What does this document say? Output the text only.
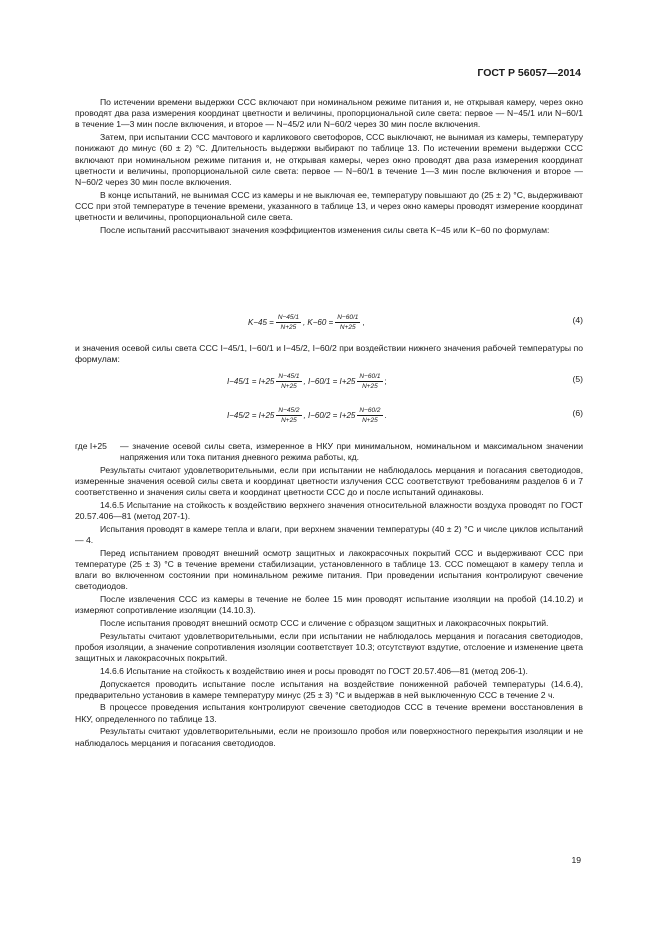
ГОСТ Р 56057—2014

По истечении времени выдержки ССС включают при номинальном режиме питания и, не открывая камеру, через окно проводят два раза измерения координат цветности и величины, пропорциональной силе света: первое — N−45/1 или N−60/1 в течение 1—3 мин после включения, и второе — N−45/2 или N−60/2 через 30 мин после включения.

Затем, при испытании ССС мачтового и карликового светофоров, ССС выключают, не вынимая из камеры, температуру понижают до минус (60 ± 2) °С. Длительность выдержки выбирают по таблице 13. По истечении времени выдержки ССС включают при номинальном режиме питания и, не открывая камеры, через окно проводят два раза измерения координат цветности и величины, пропорциональной силе света: первое — N−60/1 в течение 1—3 мин после включения и второе — N−60/2 через 30 мин после включения.

В конце испытаний, не вынимая ССС из камеры и не выключая ее, температуру повышают до (25 ± 2) °С, выдерживают ССС при этой температуре в течение времени, указанного в таблице 13, и через окно камеры проводят измерение координат цветности и величины, пропорциональной силе света.

После испытаний рассчитывают значения коэффициентов изменения силы света K−45 или K−60 по формулам:

$K-45 = \frac{N-45/1}{N+25}$ , $K-60 = \frac{N-60/1}{N+25}$ ,	(4)

и значения осевой силы света ССС I−45/1, I−60/1 и I−45/2, I−60/2 при воздействии нижнего значения рабочей температуры по формулам:

$I-45/1 = I+25 \frac{N-45/1}{N+25}$ , $I-60/1 = I+25 \frac{N-60/1}{N+25}$ ;	(5)
$I-45/2 = I+25 \frac{N-45/2}{N+25}$ , $I-60/2 = I+25 \frac{N-60/2}{N+25}$ .	(6)

где I+25 — значение осевой силы света, измеренное в НКУ при минимальном, номинальном и максимальном значении напряжения или тока питания дневного режима работы, кд.

Результаты считают удовлетворительными, если при испытании не наблюдалось мерцания и погасания светодиодов, измеренные значения осевой силы света и координат цветности излучения ССС соответствуют требованиям разделов 6 и 7 соответственно и значения силы света и координат цветности ССС до и после испытаний одинаковы.

14.6.5 Испытание на стойкость к воздействию верхнего значения относительной влажности воздуха проводят по ГОСТ 20.57.406—81 (метод 207-1).

Испытания проводят в камере тепла и влаги, при верхнем значении температуры (40 ± 2) °С и числе циклов испытаний — 4.

Перед испытанием проводят внешний осмотр защитных и лакокрасочных покрытий ССС и выдерживают ССС при температуре (25 ± 3) °С в течение времени стабилизации, установленного в таблице 13. ССС помещают в камеру тепла и влаги во включенном состоянии при номинальном режиме питания. При проведении испытания контролируют свечение светодиодов.

После извлечения ССС из камеры в течение не более 15 мин проводят испытание изоляции на пробой (14.10.2) и измеряют сопротивление изоляции (14.10.3).

После испытания проводят внешний осмотр ССС и сличение с образцом защитных и лакокрасочных покрытий.

Результаты считают удовлетворительными, если при испытании не наблюдалось мерцания и погасания светодиодов, пробоя изоляции, а значение сопротивления изоляции соответствует 10.3; отсутствуют вздутие, отслоение и изменение цвета защитных и лакокрасочных покрытий.

14.6.6 Испытание на стойкость к воздействию инея и росы проводят по ГОСТ 20.57.406—81 (метод 206-1).

Допускается проводить испытание после испытания на воздействие пониженной рабочей температуры (14.6.4), предварительно установив в камере температуру минус (25 ± 3) °С и выдержав в ней выключенную ССС в течение 2 ч.

В процессе проведения испытания контролируют свечение светодиодов ССС в течение времени восстановления в НКУ, определенного по таблице 13.

Результаты считают удовлетворительными, если не произошло пробоя или поверхностного перекрытия изоляции и не наблюдалось мерцания и погасания светодиодов.

19
